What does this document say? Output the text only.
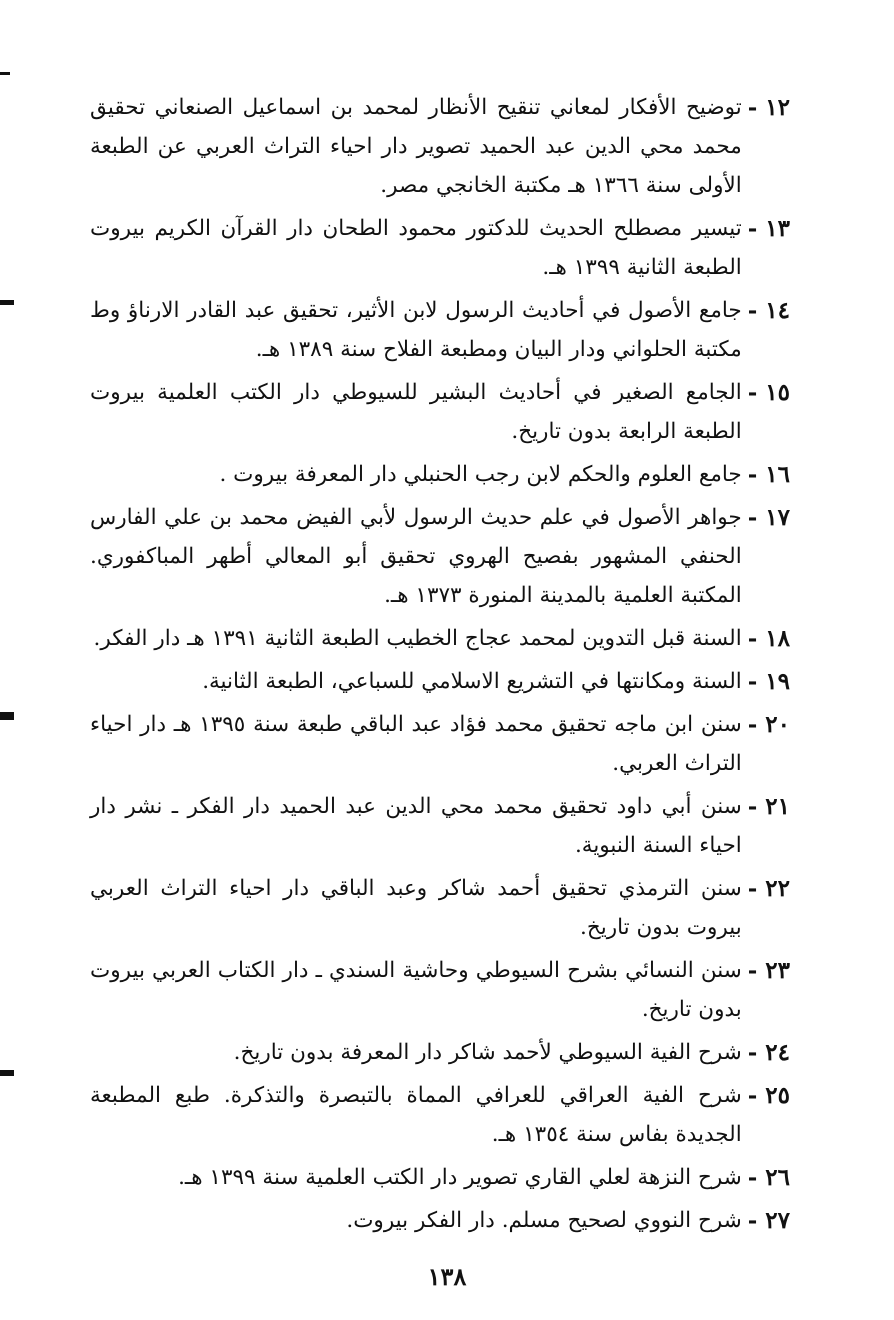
١٢ -
توضيح الأفكار لمعاني تنقيح الأنظار لمحمد بن اسماعيل الصنعاني تحقيق محمد محي الدين عبد الحميد تصوير دار احياء التراث العربي عن الطبعة الأولى سنة ١٣٦٦ هـ مكتبة الخانجي مصر.
١٣ -
تيسير مصطلح الحديث للدكتور محمود الطحان دار القرآن الكريم بيروت الطبعة الثانية ١٣٩٩ هـ.
١٤ -
جامع الأصول في أحاديث الرسول لابن الأثير، تحقيق عبد القادر الارناؤ وط مكتبة الحلواني ودار البيان ومطبعة الفلاح سنة ١٣٨٩ هـ.
١٥ -
الجامع الصغير في أحاديث البشير للسيوطي دار الكتب العلمية بيروت الطبعة الرابعة بدون تاريخ.
١٦ -
جامع العلوم والحكم لابن رجب الحنبلي دار المعرفة بيروت .
١٧ -
جواهر الأصول في علم حديث الرسول لأبي الفيض محمد بن علي الفارس الحنفي المشهور بفصيح الهروي تحقيق أبو المعالي أطهر المباكفوري. المكتبة العلمية بالمدينة المنورة ١٣٧٣ هـ.
١٨ -
السنة قبل التدوين لمحمد عجاج الخطيب الطبعة الثانية ١٣٩١ هـ دار الفكر.
١٩ -
السنة ومكانتها في التشريع الاسلامي للسباعي، الطبعة الثانية.
٢٠ -
سنن ابن ماجه تحقيق محمد فؤاد عبد الباقي طبعة سنة ١٣٩٥ هـ دار احياء التراث العربي.
٢١ -
سنن أبي داود تحقيق محمد محي الدين عبد الحميد دار الفكر ـ نشر دار احياء السنة النبوية.
٢٢ -
سنن الترمذي تحقيق أحمد شاكر وعبد الباقي دار احياء التراث العربي بيروت بدون تاريخ.
٢٣ -
سنن النسائي بشرح السيوطي وحاشية السندي ـ دار الكتاب العربي بيروت بدون تاريخ.
٢٤ -
شرح الفية السيوطي لأحمد شاكر دار المعرفة بدون تاريخ.
٢٥ -
شرح الفية العراقي للعرافي المماة بالتبصرة والتذكرة. طبع المطبعة الجديدة بفاس سنة ١٣٥٤ هـ.
٢٦ -
شرح النزهة لعلي القاري تصوير دار الكتب العلمية سنة ١٣٩٩ هـ.
٢٧ -
شرح النووي لصحيح مسلم. دار الفكر بيروت.
١٣٨
